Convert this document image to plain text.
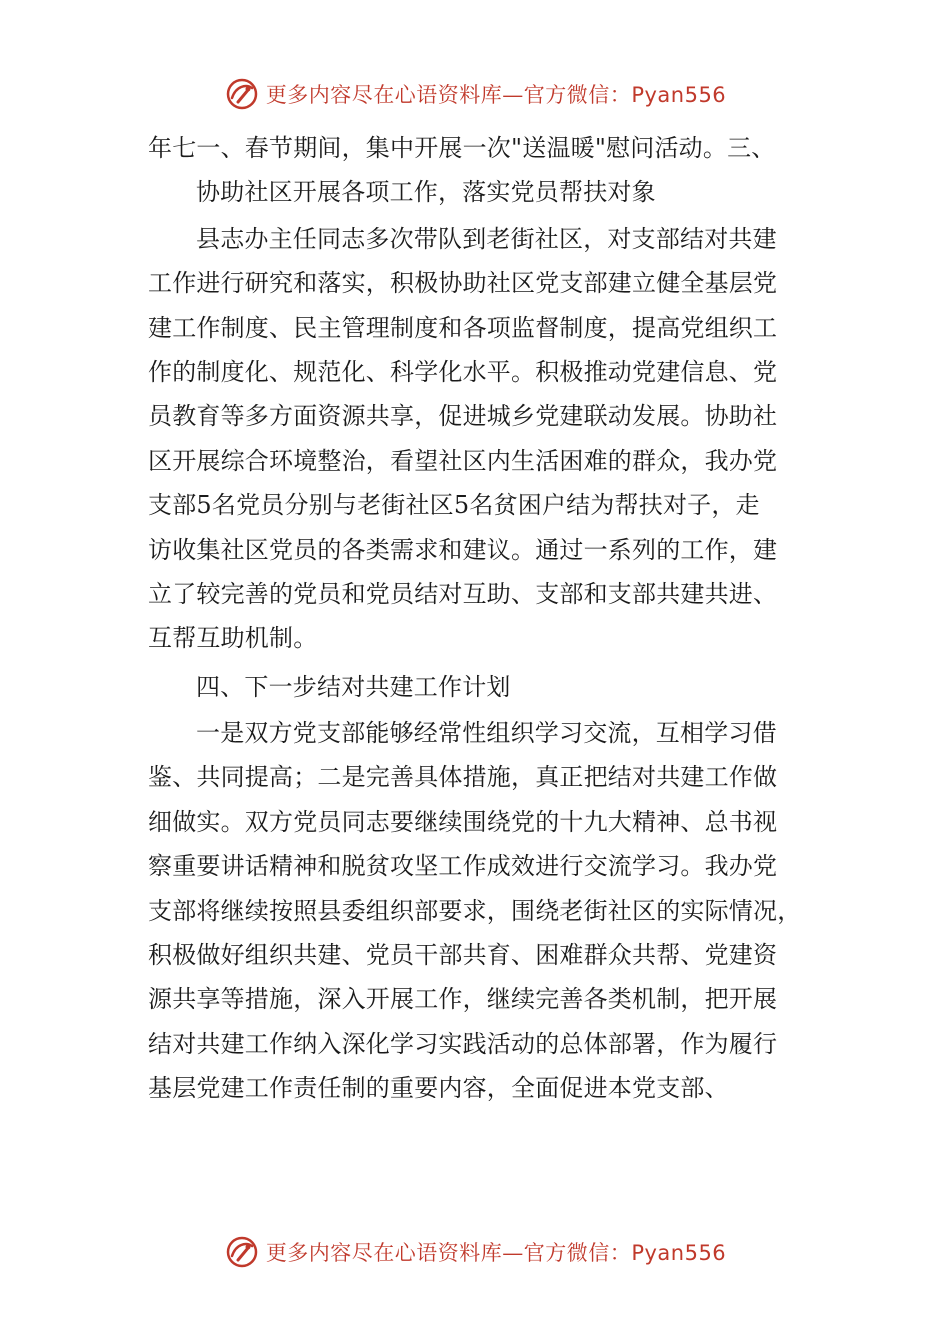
更多内容尽在心语资料库—官方微信：Pyan556
年七一、春节期间，集中开展一次"送温暖"慰问活动。三、
协助社区开展各项工作，落实党员帮扶对象
县志办主任同志多次带队到老街社区，对支部结对共建
工作进行研究和落实，积极协助社区党支部建立健全基层党
建工作制度、民主管理制度和各项监督制度，提高党组织工
作的制度化、规范化、科学化水平。积极推动党建信息、党
员教育等多方面资源共享，促进城乡党建联动发展。协助社
区开展综合环境整治，看望社区内生活困难的群众，我办党
支部5名党员分别与老街社区5名贫困户结为帮扶对子，走
访收集社区党员的各类需求和建议。通过一系列的工作，建
立了较完善的党员和党员结对互助、支部和支部共建共进、
互帮互助机制。
四、下一步结对共建工作计划
一是双方党支部能够经常性组织学习交流，互相学习借
鉴、共同提高；二是完善具体措施，真正把结对共建工作做
细做实。双方党员同志要继续围绕党的十九大精神、总书视
察重要讲话精神和脱贫攻坚工作成效进行交流学习。我办党
支部将继续按照县委组织部要求，围绕老街社区的实际情况，
积极做好组织共建、党员干部共育、困难群众共帮、党建资
源共享等措施，深入开展工作，继续完善各类机制，把开展
结对共建工作纳入深化学习实践活动的总体部署，作为履行
基层党建工作责任制的重要内容，全面促进本党支部、
更多内容尽在心语资料库—官方微信：Pyan556
